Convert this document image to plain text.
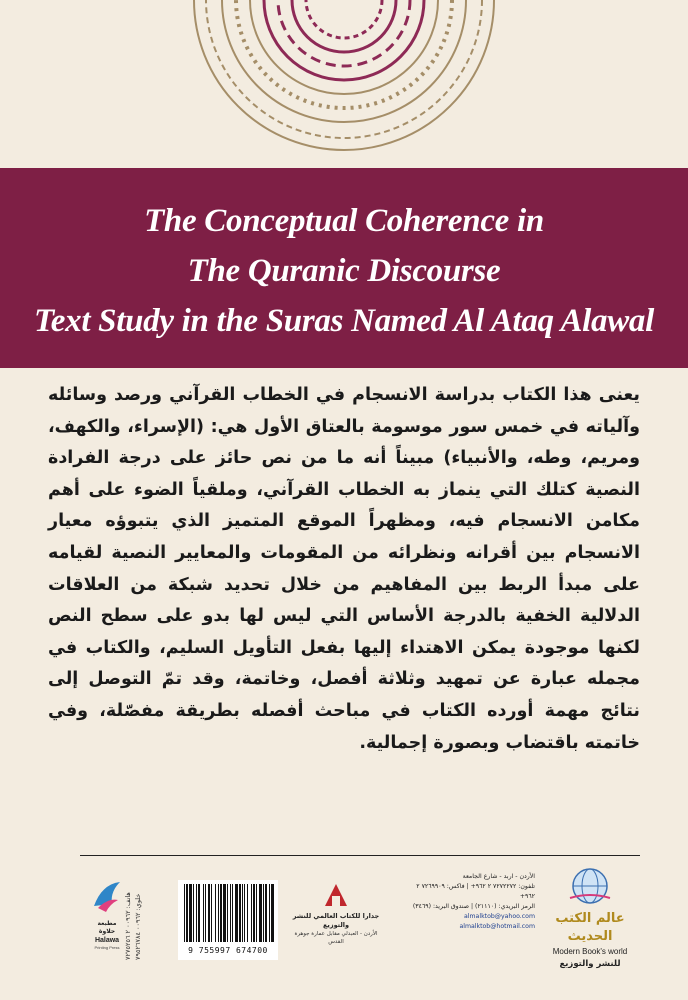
The Conceptual Coherence in
The Quranic Discourse
Text Study in the Suras Named Al Ataq Alawal
يعنى هذا الكتاب بدراسة الانسجام في الخطاب القرآني ورصد وسائله وآلياته في خمس سور موسومة بالعتاق الأول هي: (الإسراء، والكهف، ومريم، وطه، والأنبياء) مبيناً أنه ما من نص حائز على درجة الفرادة النصية كتلك التي ينماز به الخطاب القرآني، وملقياً الضوء على أهم مكامن الانسجام فيه، ومظهراً الموقع المتميز الذي يتبوؤه معيار الانسجام بين أقرانه ونظرائه من المقومات والمعايير النصية لقيامه على مبدأ الربط بين المفاهيم من خلال تحديد شبكة من العلاقات الدلالية الخفية بالدرجة الأساس التي ليس لها بدو على سطح النص لكنها موجودة يمكن الاهتداء إليها بفعل التأويل السليم، والكتاب في مجمله عبارة عن تمهيد وثلاثة أفصل، وخاتمة، وقد تمّ التوصل إلى نتائج مهمة أورده الكتاب في مباحث أفصله بطريقة مفصّلة، وفي خاتمته باقتضاب وبصورة إجمالية.
عالم الكتب الحديث
Modern Book's world
للنشر والتوزيع
الأردن - اربد - شارع الجامعة
تلفون: ٧٢٧٢٢٧٢ ٢ ٩٦٢+ | فاكس: ٧٢٦٩٩٠٩ ٢ ٩٦٢+
الرمز البريدي: (٢١١١٠) | صندوق البريد: (٣٤٦٩)
almalktob@yahoo.com
almalktob@hotmail.com
جدارا للكتاب العالمي للنشر والتوزيع
الأردن - العبدلي مقابل عمارة جوهرة القدس
9 755997 674700
مطبعة حلاوة
Halawa
Printing Press هاتف: ٠٠٩٦٢ ٢ ٧٢٧٥٢٥٦ خلوي: ٠٠٩٦٢ ٧٩٥٢٦٧٨٤
